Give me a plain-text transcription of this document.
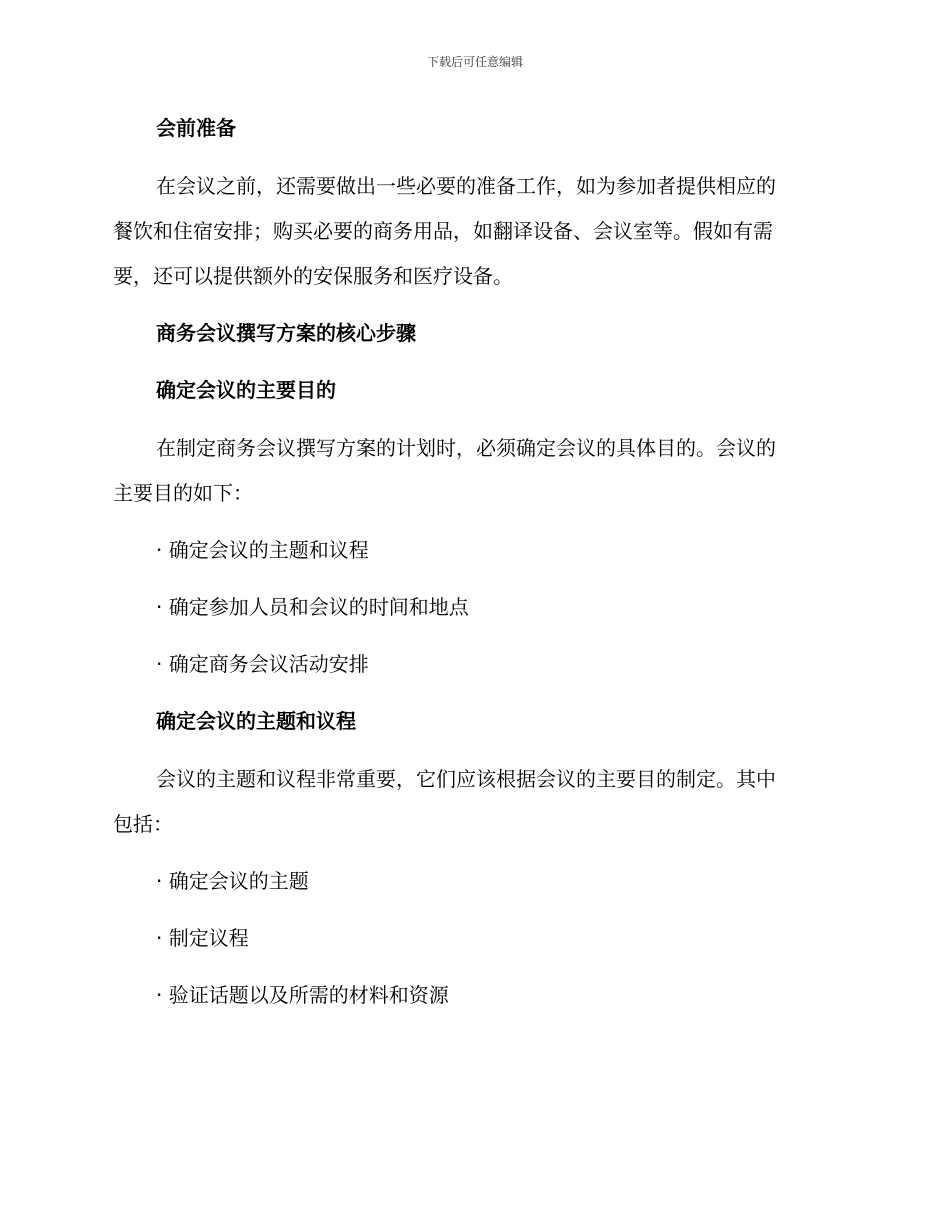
下载后可任意编辑
会前准备
在会议之前，还需要做出一些必要的准备工作，如为参加者提供相应的
餐饮和住宿安排；购买必要的商务用品，如翻译设备、会议室等。假如有需
要，还可以提供额外的安保服务和医疗设备。
商务会议撰写方案的核心步骤
确定会议的主要目的
在制定商务会议撰写方案的计划时，必须确定会议的具体目的。会议的
主要目的如下：
· 确定会议的主题和议程
· 确定参加人员和会议的时间和地点
· 确定商务会议活动安排
确定会议的主题和议程
会议的主题和议程非常重要，它们应该根据会议的主要目的制定。其中
包括：
· 确定会议的主题
· 制定议程
· 验证话题以及所需的材料和资源
